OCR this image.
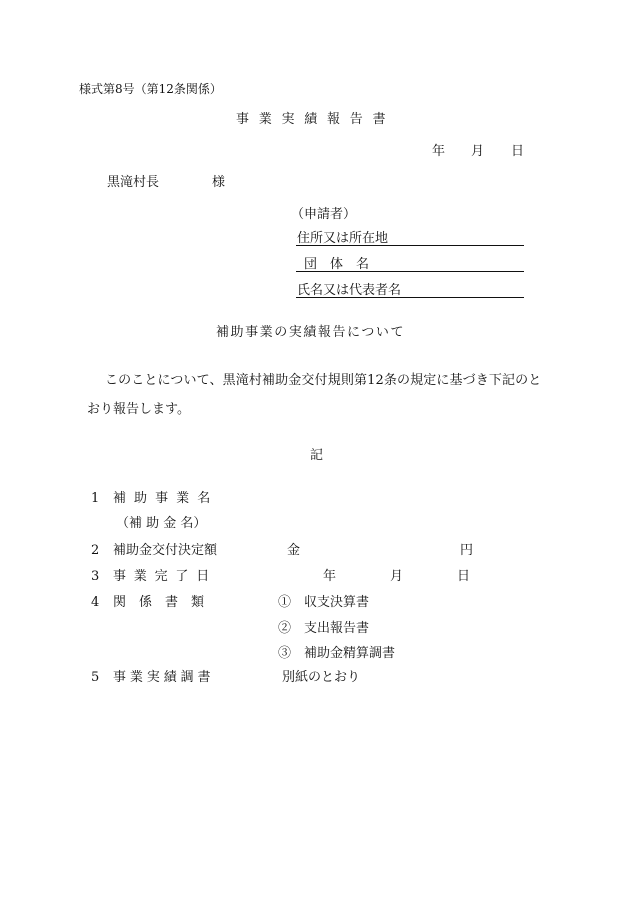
様式第8号（第12条関係）
事業実績報告書
年 月 日
黒滝村長	様
（申請者）
住所又は所在地
団　体　名
氏名又は代表者名
補助事業の実績報告について
このことについて、黒滝村補助金交付規則第12条の規定に基づき下記のと
おり報告します。
記
1 補助事業名
（補 助 金 名）
2 補助金交付決定額	金	円
3 事業完了日	年	月	日
4 関　係　書　類	①　収支決算書
②　支出報告書
③　補助金精算調書
5 事業実績調書	別紙のとおり
